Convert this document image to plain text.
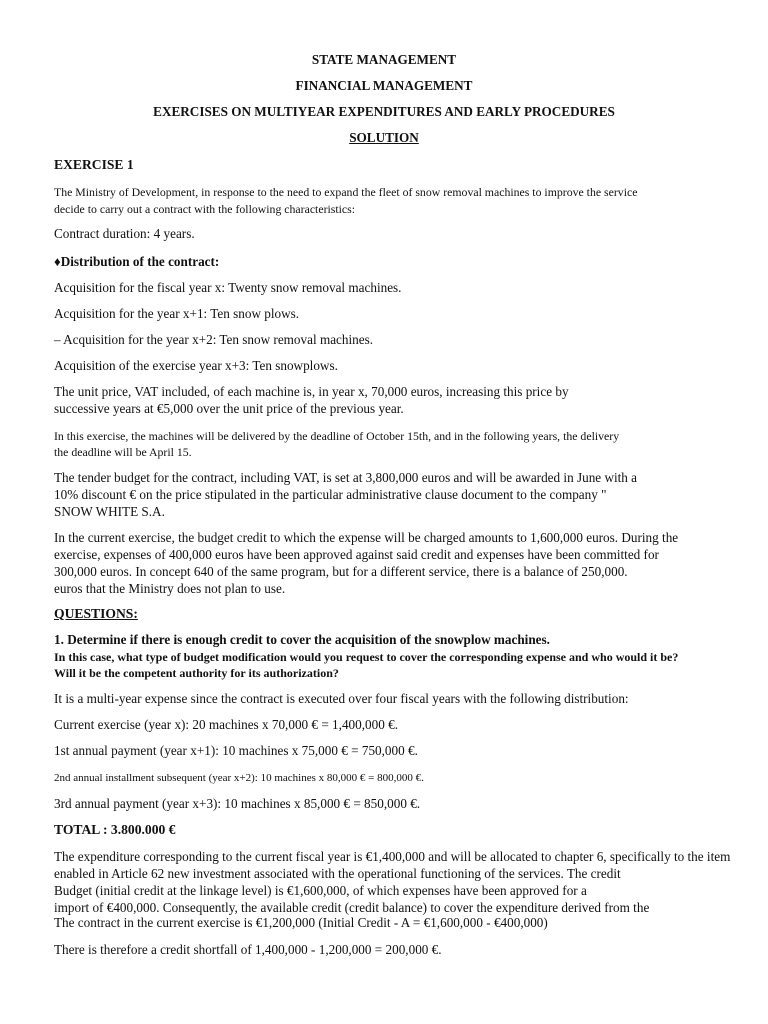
STATE MANAGEMENT
FINANCIAL MANAGEMENT
EXERCISES ON MULTIYEAR EXPENDITURES AND EARLY PROCEDURES
SOLUTION
EXERCISE 1
The Ministry of Development, in response to the need to expand the fleet of snow removal machines to improve the service
decide to carry out a contract with the following characteristics:
Contract duration: 4 years.
♦Distribution of the contract:
Acquisition for the fiscal year x: Twenty snow removal machines.
Acquisition for the year x+1: Ten snow plows.
– Acquisition for the year x+2: Ten snow removal machines.
Acquisition of the exercise year x+3: Ten snowplows.
The unit price, VAT included, of each machine is, in year x, 70,000 euros, increasing this price by
successive years at €5,000 over the unit price of the previous year.
In this exercise, the machines will be delivered by the deadline of October 15th, and in the following years, the delivery
the deadline will be April 15.
The tender budget for the contract, including VAT, is set at 3,800,000 euros and will be awarded in June with a
10% discount € on the price stipulated in the particular administrative clause document to the company "
SNOW WHITE S.A.
In the current exercise, the budget credit to which the expense will be charged amounts to 1,600,000 euros. During the
exercise, expenses of 400,000 euros have been approved against said credit and expenses have been committed for
300,000 euros. In concept 640 of the same program, but for a different service, there is a balance of 250,000.
euros that the Ministry does not plan to use.
QUESTIONS:
1. Determine if there is enough credit to cover the acquisition of the snowplow machines.
In this case, what type of budget modification would you request to cover the corresponding expense and who would it be?
Will it be the competent authority for its authorization?
It is a multi-year expense since the contract is executed over four fiscal years with the following distribution:
Current exercise (year x): 20 machines x 70,000 € = 1,400,000 €.
1st annual payment (year x+1): 10 machines x 75,000 € = 750,000 €.
2nd annual installment subsequent (year x+2): 10 machines x 80,000 € = 800,000 €.
3rd annual payment (year x+3): 10 machines x 85,000 € = 850,000 €.
TOTAL : 3.800.000 €
The expenditure corresponding to the current fiscal year is €1,400,000 and will be allocated to chapter 6, specifically to the item
enabled in Article 62 new investment associated with the operational functioning of the services. The credit
Budget (initial credit at the linkage level) is €1,600,000, of which expenses have been approved for a
import of €400,000. Consequently, the available credit (credit balance) to cover the expenditure derived from the
The contract in the current exercise is €1,200,000 (Initial Credit - A = €1,600,000 - €400,000)
There is therefore a credit shortfall of 1,400,000 - 1,200,000 = 200,000 €.
